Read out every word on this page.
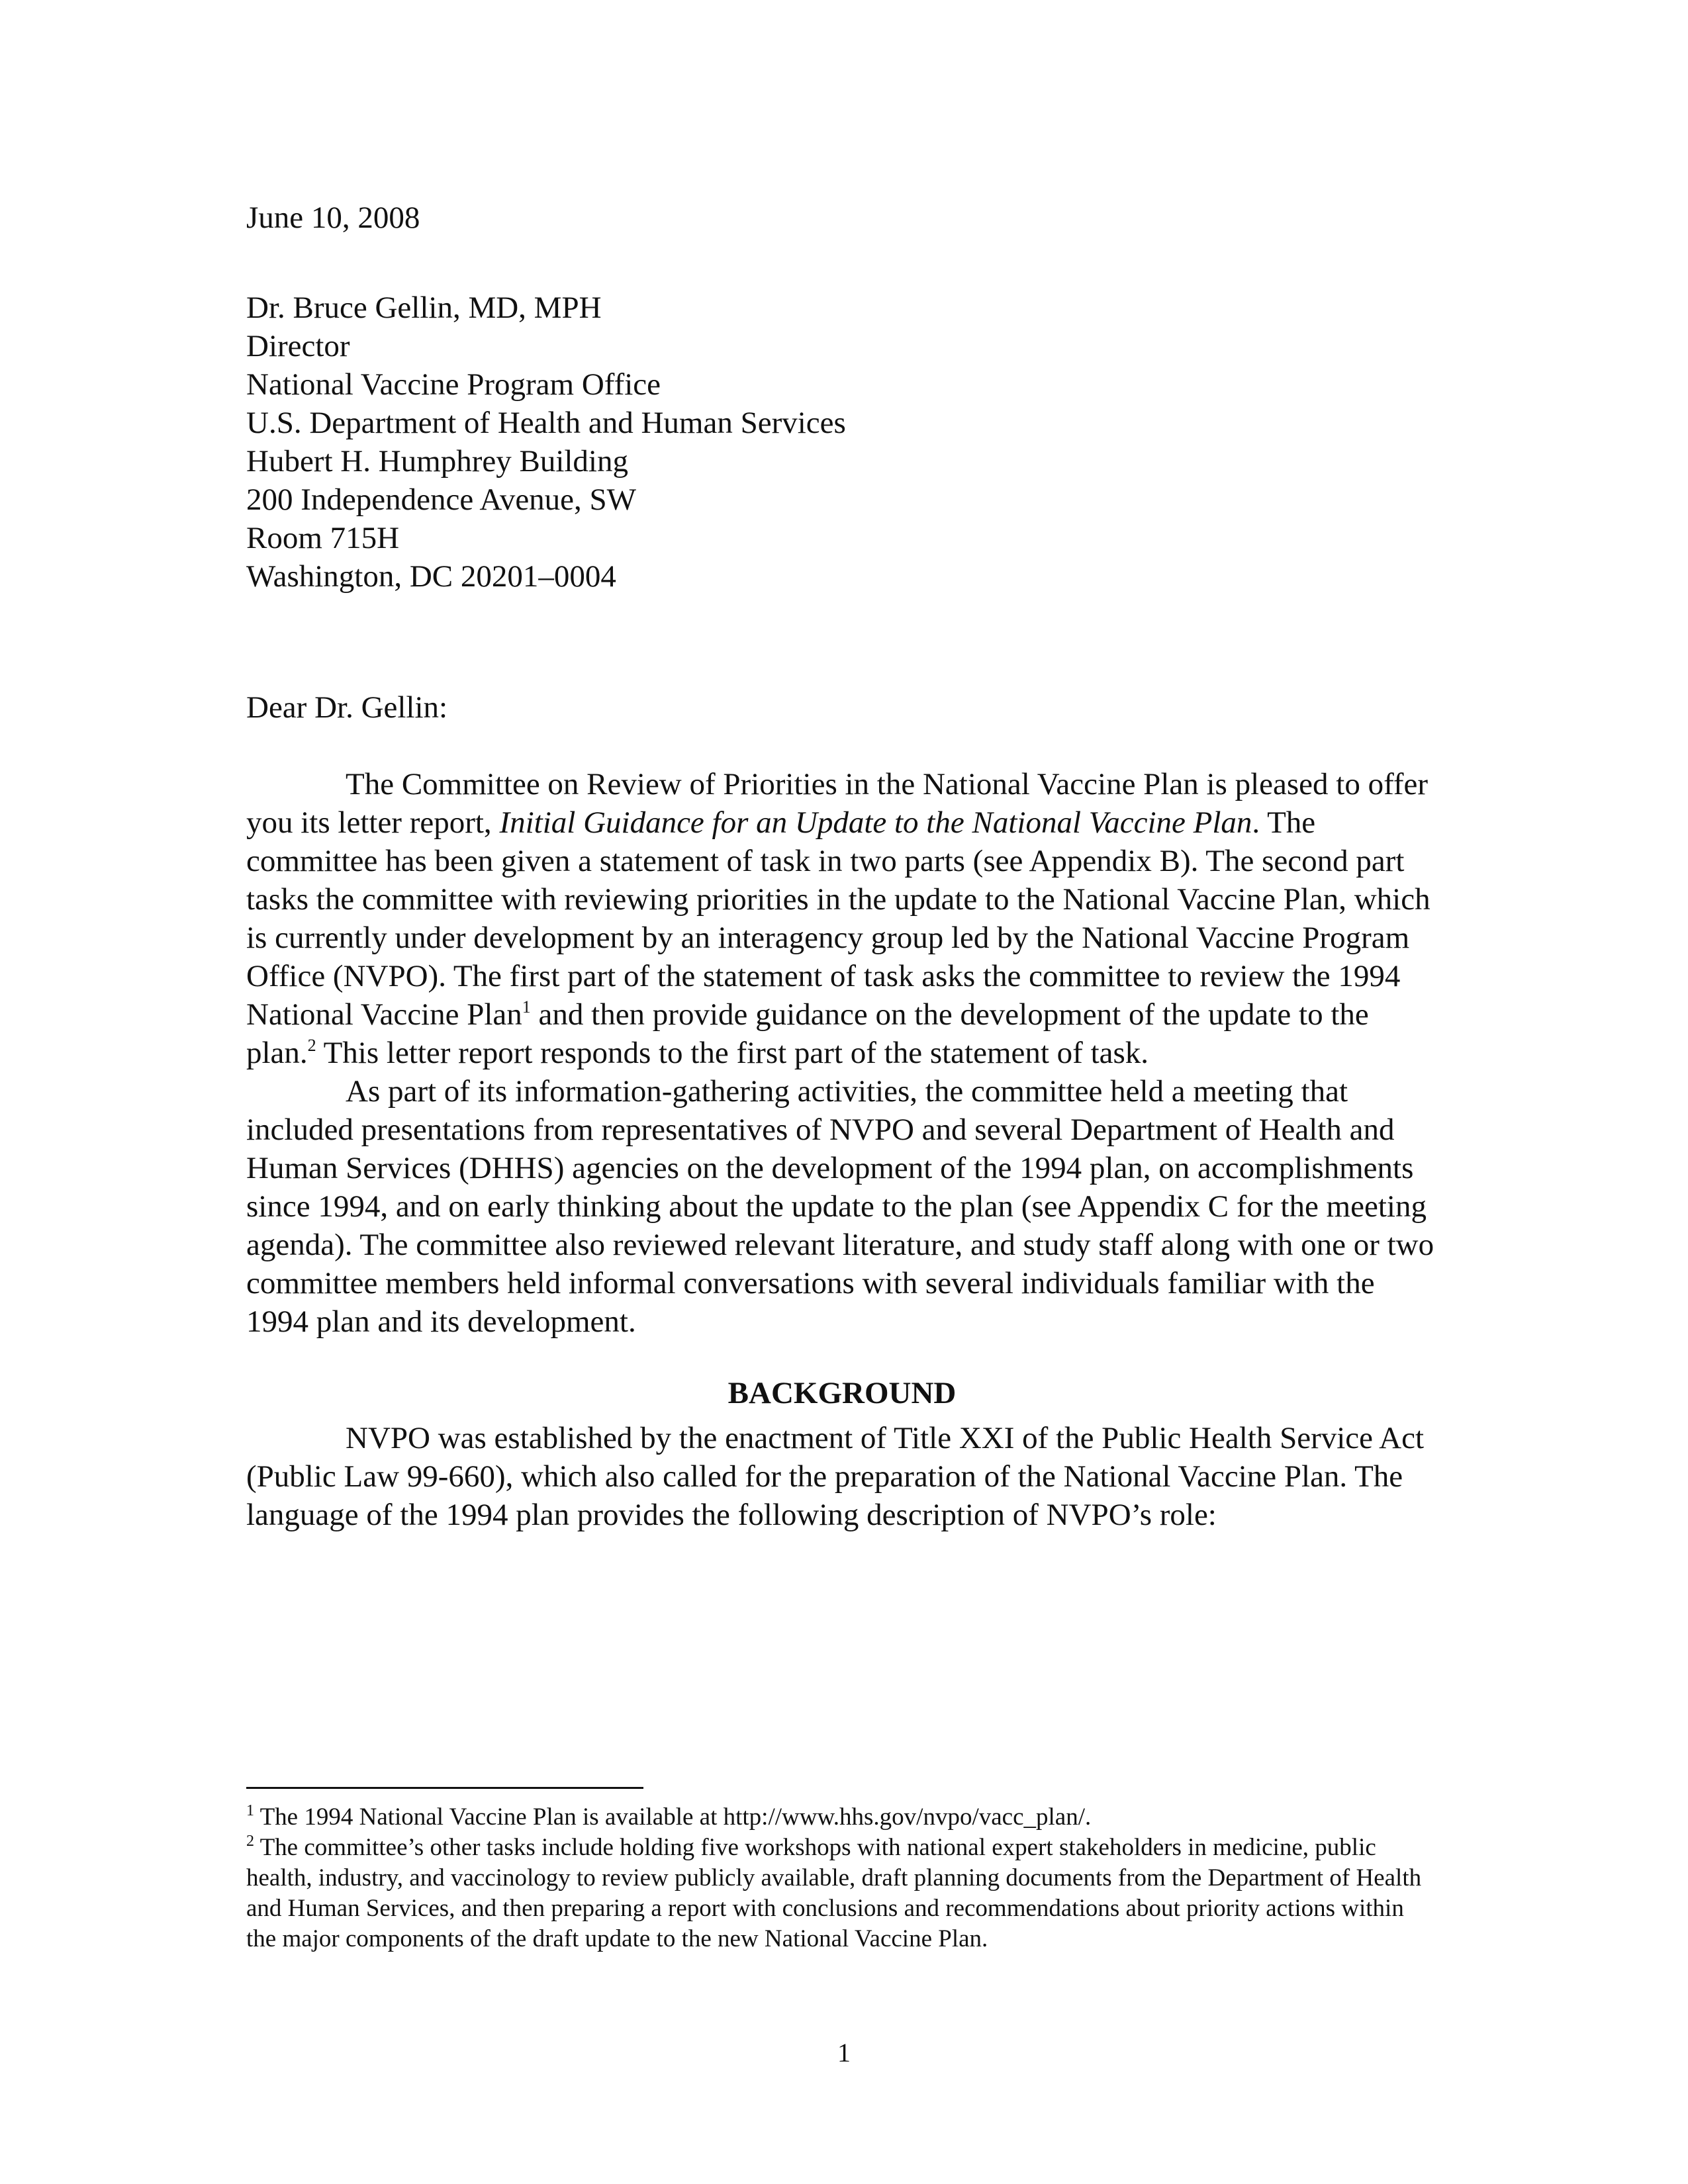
June 10, 2008
Dr. Bruce Gellin, MD, MPH
Director
National Vaccine Program Office
U.S. Department of Health and Human Services
Hubert H. Humphrey Building
200 Independence Avenue, SW
Room 715H
Washington, DC 20201–0004
Dear Dr. Gellin:

The Committee on Review of Priorities in the National Vaccine Plan is pleased to offer you its letter report, Initial Guidance for an Update to the National Vaccine Plan. The committee has been given a statement of task in two parts (see Appendix B). The second part tasks the committee with reviewing priorities in the update to the National Vaccine Plan, which is currently under development by an interagency group led by the National Vaccine Program Office (NVPO). The first part of the statement of task asks the committee to review the 1994 National Vaccine Plan$^1$ and then provide guidance on the development of the update to the plan.$^2$ This letter report responds to the first part of the statement of task.

As part of its information-gathering activities, the committee held a meeting that included presentations from representatives of NVPO and several Department of Health and Human Services (DHHS) agencies on the development of the 1994 plan, on accomplishments since 1994, and on early thinking about the update to the plan (see Appendix C for the meeting agenda). The committee also reviewed relevant literature, and study staff along with one or two committee members held informal conversations with several individuals familiar with the 1994 plan and its development.

BACKGROUND

NVPO was established by the enactment of Title XXI of the Public Health Service Act (Public Law 99-660), which also called for the preparation of the National Vaccine Plan. The language of the 1994 plan provides the following description of NVPO’s role:

$^1$ The 1994 National Vaccine Plan is available at http://www.hhs.gov/nvpo/vacc_plan/.

$^2$ The committee’s other tasks include holding five workshops with national expert stakeholders in medicine, public health, industry, and vaccinology to review publicly available, draft planning documents from the Department of Health and Human Services, and then preparing a report with conclusions and recommendations about priority actions within the major components of the draft update to the new National Vaccine Plan.

1
